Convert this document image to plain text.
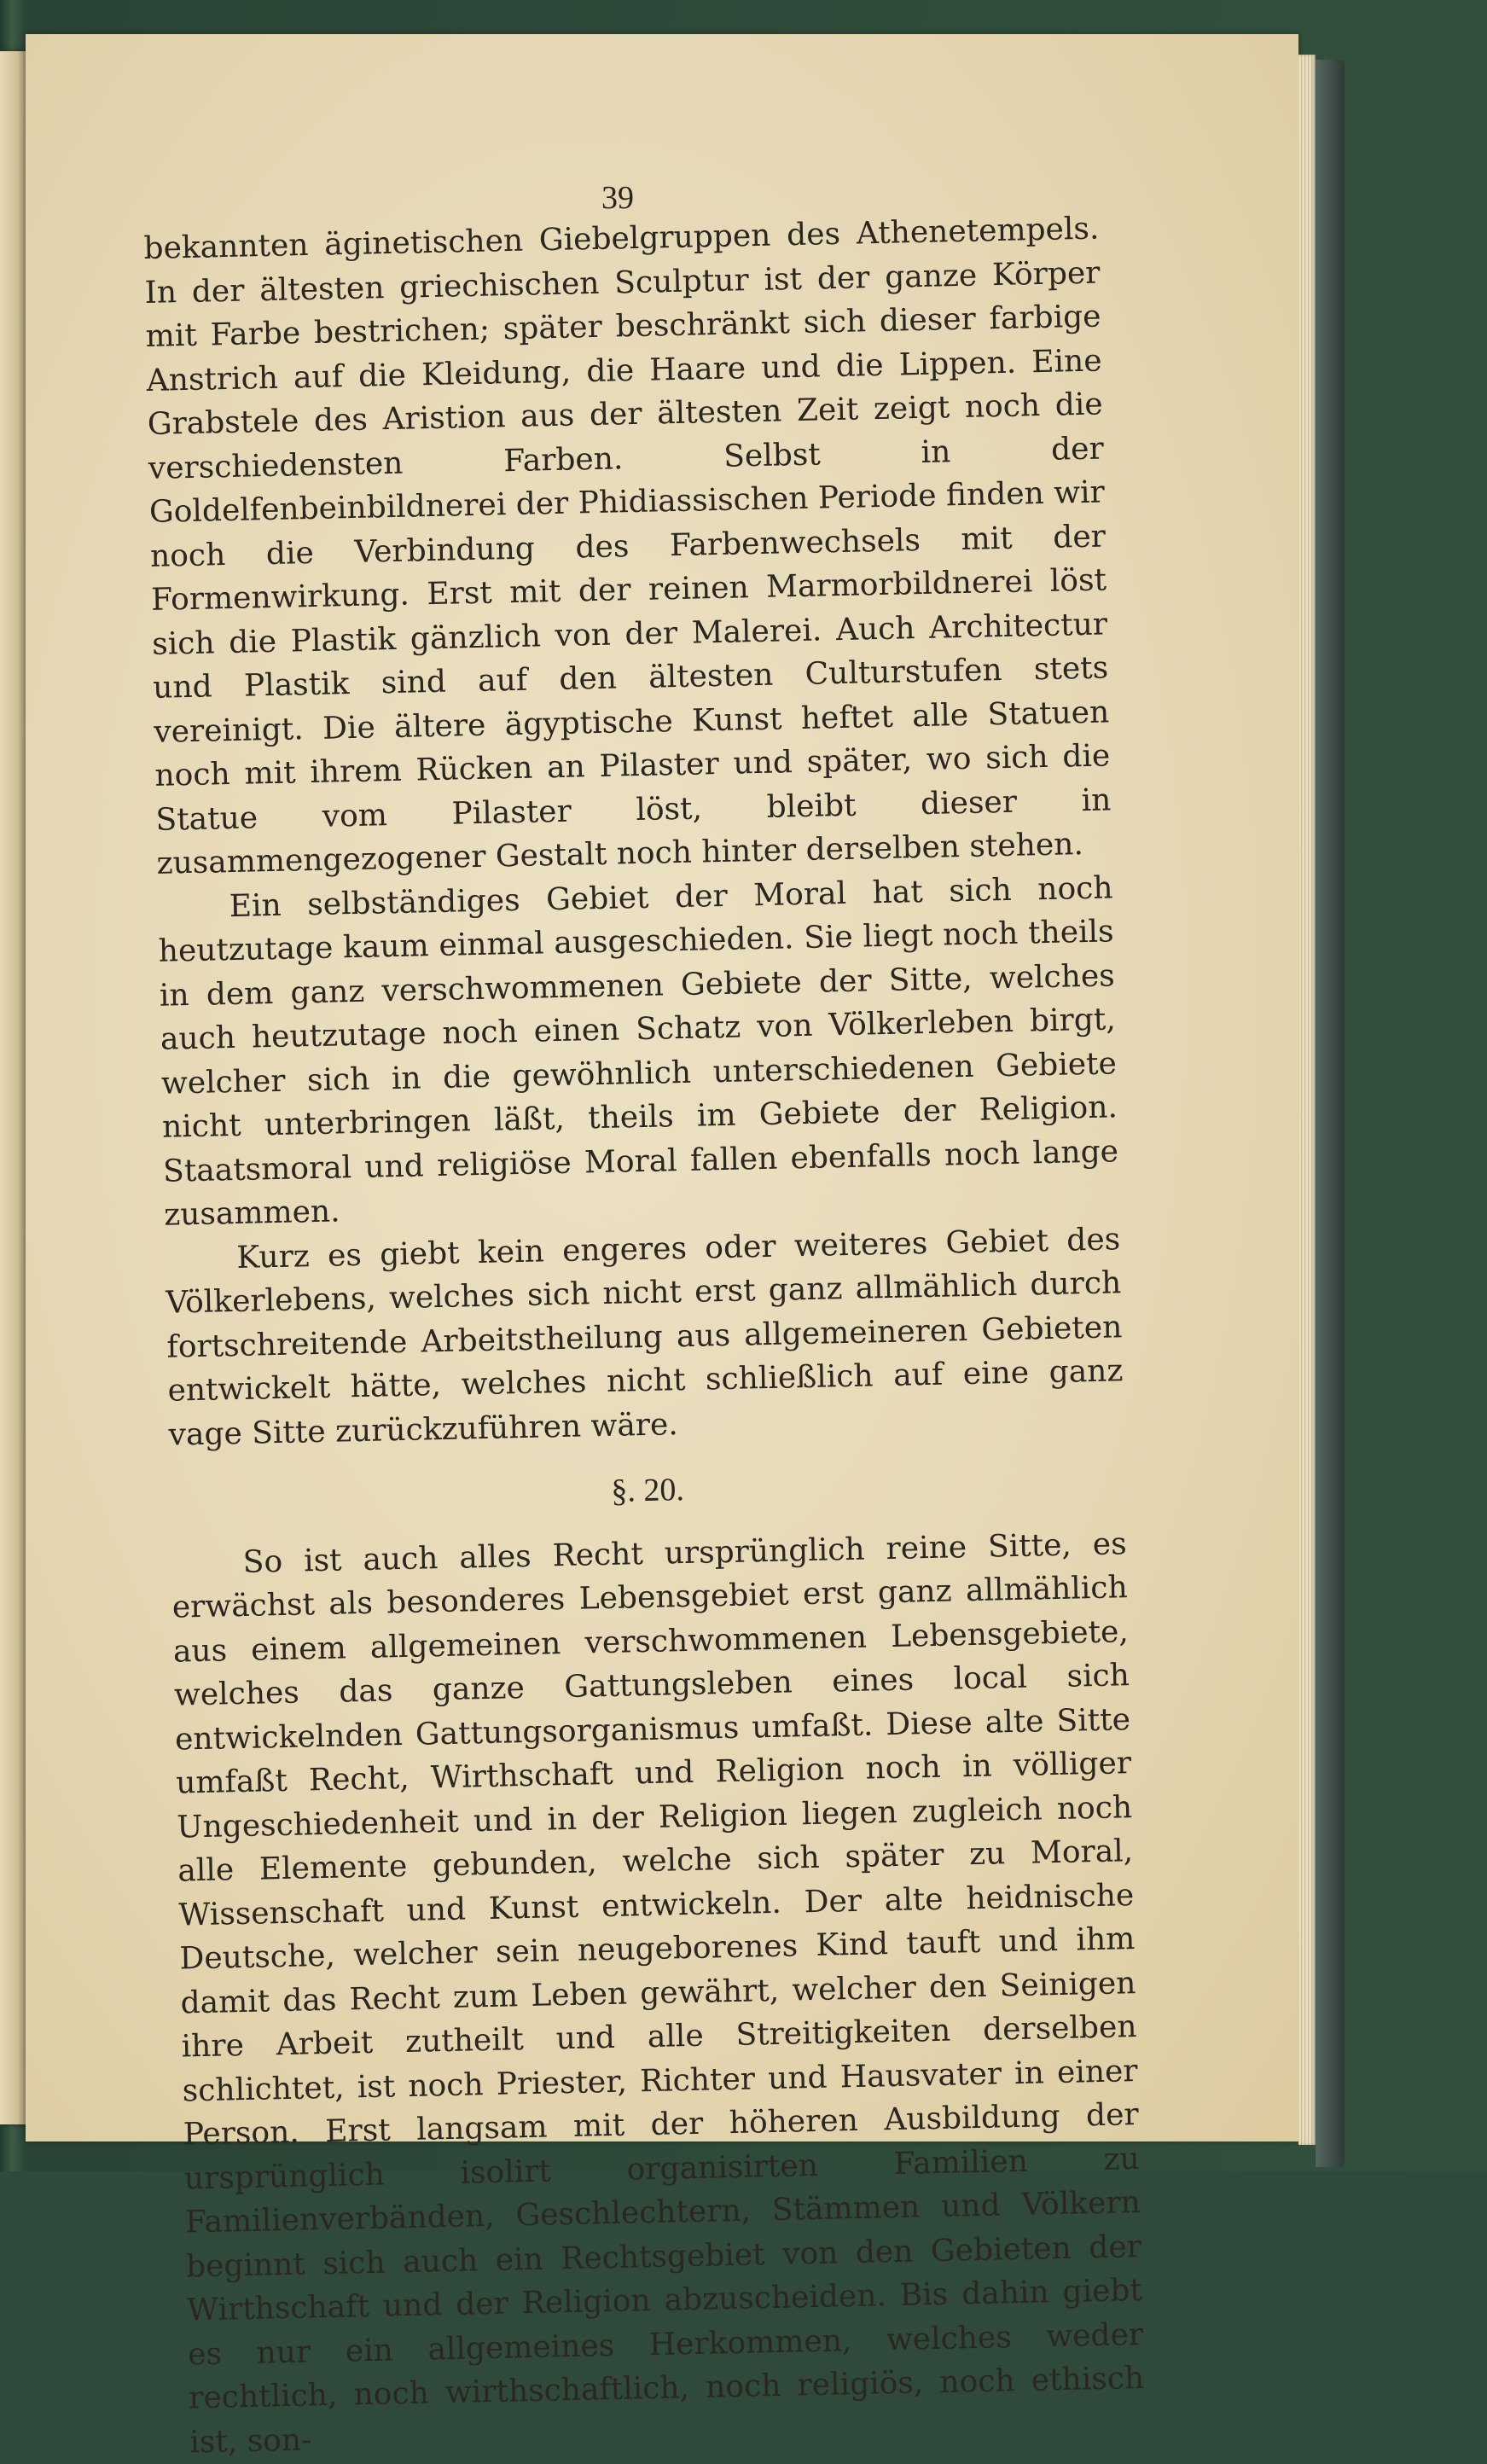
39

bekannten äginetischen Giebelgruppen des Athenetempels. In der ältesten griechischen Sculptur ist der ganze Körper mit Farbe bestrichen; später beschränkt sich dieser farbige Anstrich auf die Kleidung, die Haare und die Lippen. Eine Grabstele des Aristion aus der ältesten Zeit zeigt noch die verschiedensten Farben. Selbst in der Goldelfenbeinbildnerei der Phidiassischen Periode finden wir noch die Verbindung des Farbenwechsels mit der Formenwirkung. Erst mit der reinen Marmorbildnerei löst sich die Plastik gänzlich von der Malerei. Auch Architectur und Plastik sind auf den ältesten Culturstufen stets vereinigt. Die ältere ägyptische Kunst heftet alle Statuen noch mit ihrem Rücken an Pilaster und später, wo sich die Statue vom Pilaster löst, bleibt dieser in zusammengezogener Gestalt noch hinter derselben stehen.

Ein selbständiges Gebiet der Moral hat sich noch heutzutage kaum einmal ausgeschieden. Sie liegt noch theils in dem ganz verschwommenen Gebiete der Sitte, welches auch heutzutage noch einen Schatz von Völkerleben birgt, welcher sich in die gewöhnlich unterschiedenen Gebiete nicht unterbringen läßt, theils im Gebiete der Religion. Staatsmoral und religiöse Moral fallen ebenfalls noch lange zusammen.

Kurz es giebt kein engeres oder weiteres Gebiet des Völkerlebens, welches sich nicht erst ganz allmählich durch fortschreitende Arbeitstheilung aus allgemeineren Gebieten entwickelt hätte, welches nicht schließlich auf eine ganz vage Sitte zurückzuführen wäre.

§. 20.

So ist auch alles Recht ursprünglich reine Sitte, es erwächst als besonderes Lebensgebiet erst ganz allmählich aus einem allgemeinen verschwommenen Lebensgebiete, welches das ganze Gattungsleben eines local sich entwickelnden Gattungsorganismus umfaßt. Diese alte Sitte umfaßt Recht, Wirthschaft und Religion noch in völliger Ungeschiedenheit und in der Religion liegen zugleich noch alle Elemente gebunden, welche sich später zu Moral, Wissenschaft und Kunst entwickeln. Der alte heidnische Deutsche, welcher sein neugeborenes Kind tauft und ihm damit das Recht zum Leben gewährt, welcher den Seinigen ihre Arbeit zutheilt und alle Streitigkeiten derselben schlichtet, ist noch Priester, Richter und Hausvater in einer Person. Erst langsam mit der höheren Ausbildung der ursprünglich isolirt organisirten Familien zu Familienverbänden, Geschlechtern, Stämmen und Völkern beginnt sich auch ein Rechtsgebiet von den Gebieten der Wirthschaft und der Religion abzuscheiden. Bis dahin giebt es nur ein allgemeines Herkommen, welches weder rechtlich, noch wirthschaftlich, noch religiös, noch ethisch ist, son-
